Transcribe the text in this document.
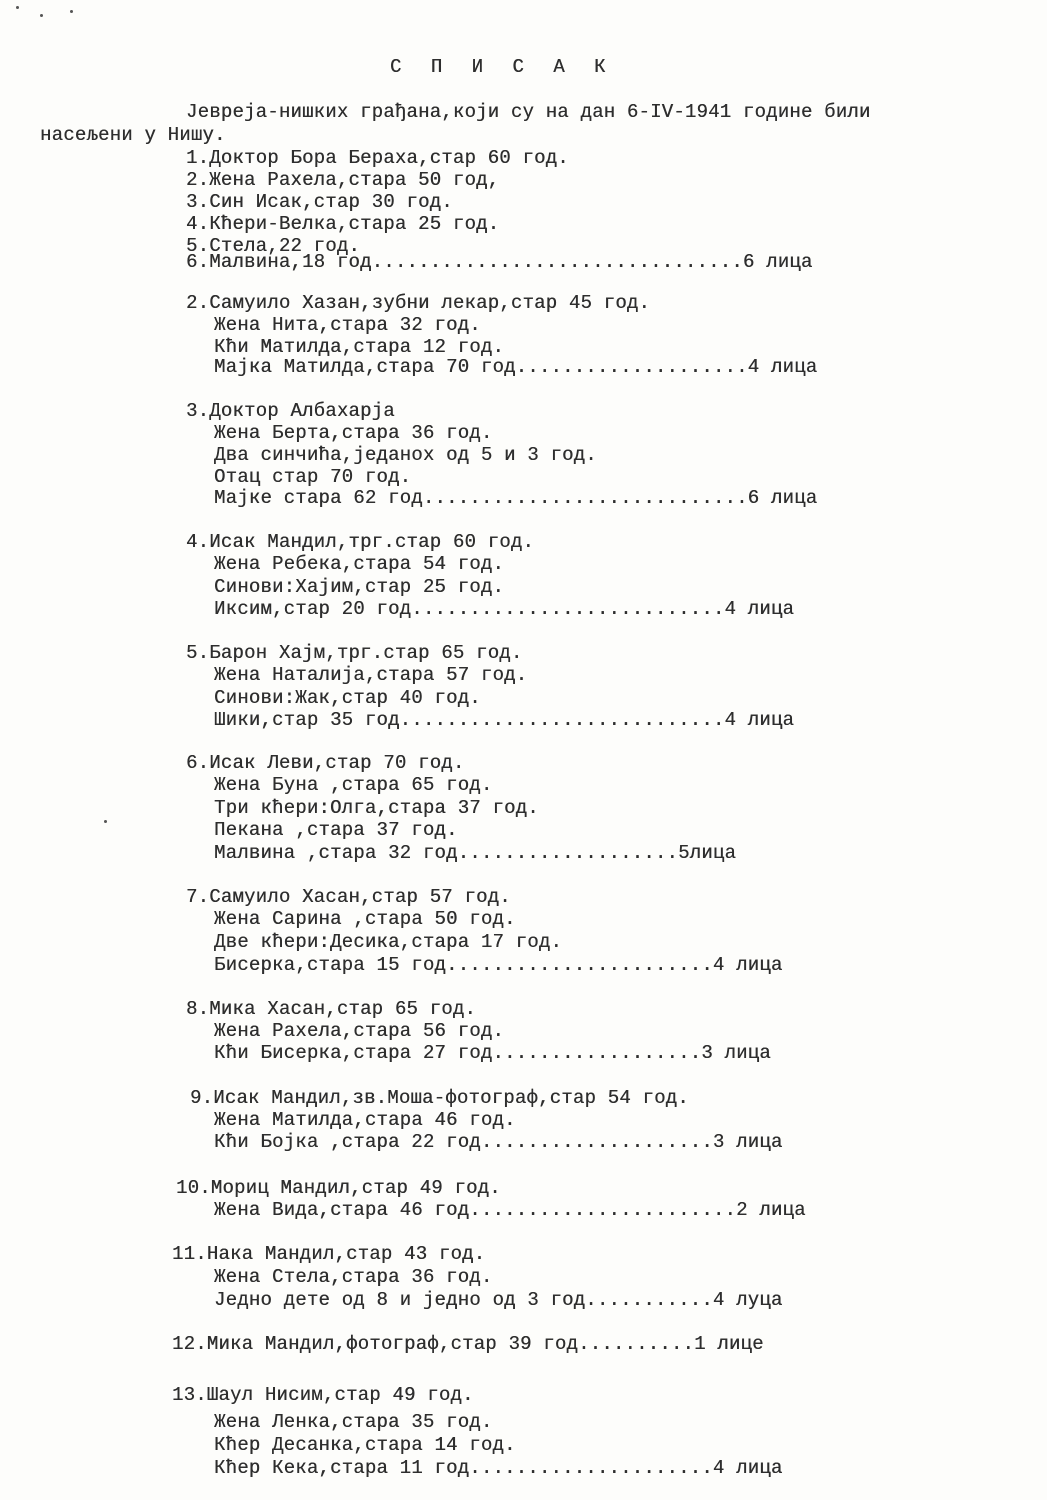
С П И С А К
Јевреја-нишких грађана,који су на дан 6-IV-1941 године били
насељени у Нишу.
1.Доктор Бора Бераха,стар 60 год.
2.Жена Рахела,стара 50 год,
3.Син Исак,стар 30 год.
4.Кћери-Велка,стара 25 год.
5.Стела,22 год.
6.Малвина,18 год................................6 лица
2.Самуило Хазан,зубни лекар,стар 45 год.
Жена Нита,стара 32 год.
Кћи Матилда,стара 12 год.
Мајка Матилда,стара 70 год....................4 лица
3.Доктор Албахарја
Жена Берта,стара 36 год.
Два синчића,једанох од 5 и 3 год.
Отац стар 70 год.
Мајке стара 62 год............................6 лица
4.Исак Мандил,трг.стар 60 год.
Жена Ребека,стара 54 год.
Синови:Хајим,стар 25 год.
Иксим,стар 20 год...........................4 лица
5.Барон Хајм,трг.стар 65 год.
Жена Наталија,стара 57 год.
Синови:Жак,стар 40 год.
Шики,стар 35 год............................4 лица
6.Исак Леви,стар 70 год.
Жена Буна ,стара 65 год.
Три кћери:Олга,стара 37 год.
Пекана ,стара 37 год.
Малвина ,стара 32 год...................5лица
7.Самуило Хасан,стар 57 год.
Жена Сарина ,стара 50 год.
Две кћери:Десика,стара 17 год.
Бисерка,стара 15 год.......................4 лица
8.Мика Хасан,стар 65 год.
Жена Рахела,стара 56 год.
Кћи Бисерка,стара 27 год..................3 лица
9.Исак Мандил,зв.Моша-фотограф,стар 54 год.
Жена Матилда,стара 46 год.
Кћи Бојка ,стара 22 год....................3 лица
10.Мориц Мандил,стар 49 год.
Жена Вида,стара 46 год.......................2 лица
11.Нака Мандил,стар 43 год.
Жена Стела,стара 36 год.
Једно дете од 8 и једно од 3 год...........4 луца
12.Мика Мандил,фотограф,стар 39 год..........1 лице
13.Шаул Нисим,стар 49 год.
Жена Ленка,стара 35 год.
Кћер Десанка,стара 14 год.
Кћер Кека,стара 11 год.....................4 лица
